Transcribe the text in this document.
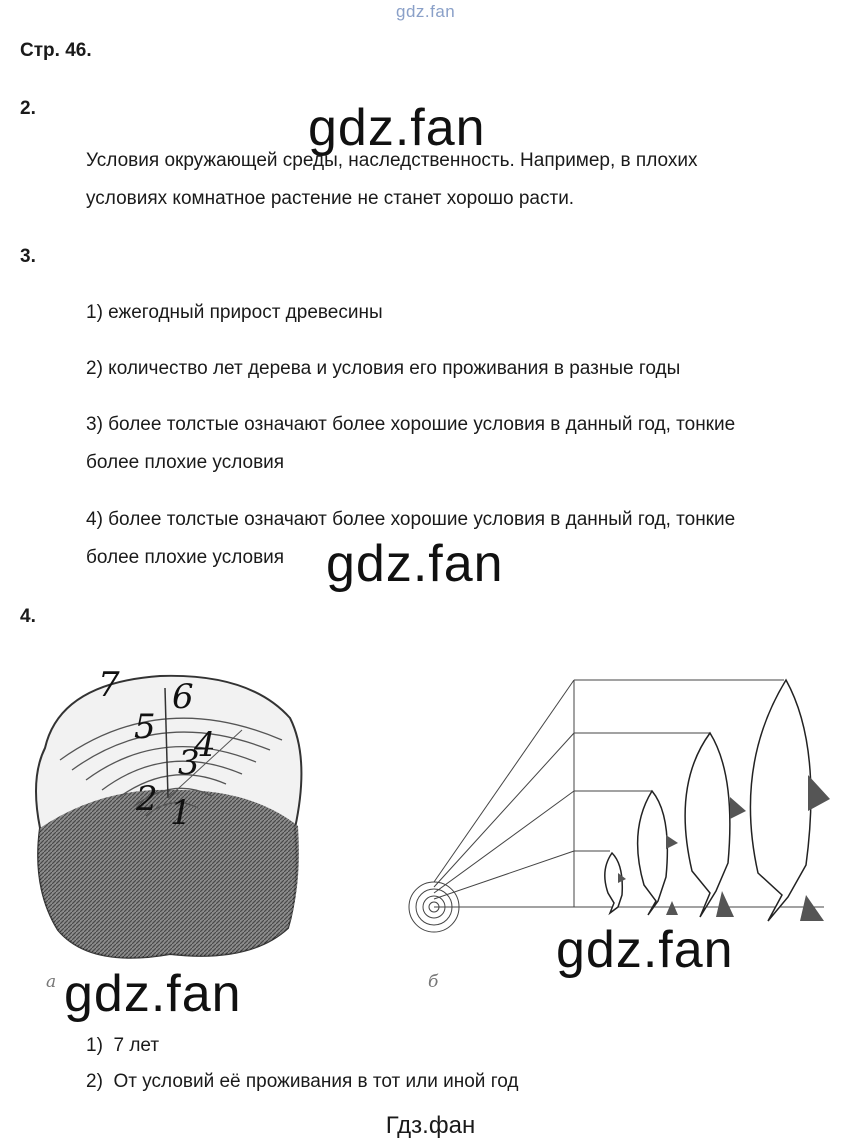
gdz.fan
Стр. 46.
2.	gdz.fan
Условия окружающей среды, наследственность. Например, в плохих
условиях комнатное растение не станет хорошо расти.
3.
1) ежегодный прирост древесины
2) количество лет дерева и условия его проживания в разные годы
3) более толстые означают более хорошие условия в данный год, тонкие
более плохие условия
4) более толстые означают более хорошие условия в данный год, тонкие
более плохие условия gdz.fan
4.
7 6
5 4
3
2 1
а
gdz.fan
б
gdz.fan
1) 7 лет
2) От условий её проживания в тот или иной год
Гдз.фан
